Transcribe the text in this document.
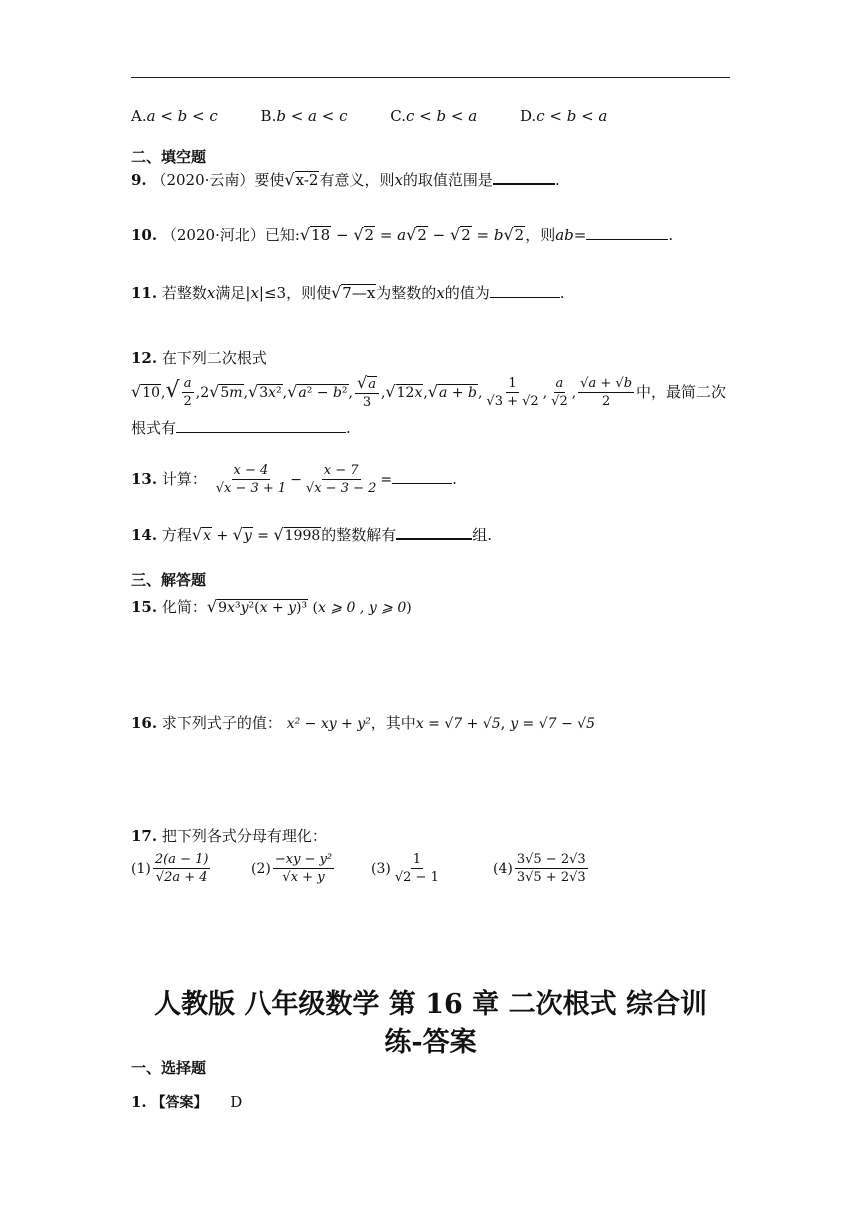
A.a < b < c	B.b < a < c	C.c < b < a	D.c < b < a
二、填空题
9. （2020·云南）要使√x-2有意义，则x的取值范围是	.
10. （2020·河北）已知:√18 − √2 = a√2 − √2 = b√2，则ab=	.
11. 若整数x满足|x|≤3，则使√7—x为整数的x的值为	.
12. 在下列二次根式
$√10,√ \frac{a}{2} ,2√5m,√3x^2,√a^2 - b^2$, $\frac{√a}{3} ,√12x,√a + b$, $\frac{1}{√3 + √2}$ , $\frac{a}{√2}$ , $\frac{√a + √b}{2}$ 中，最简二次
根式有	.
13. 计算： $\frac{x - 4}{√x - 3 + 1} - \frac{x - 7}{√x - 3 - 2}$ =	.
14. 方程√x + √y = √1998的整数解有	组.
三、解答题
15. 化简：√9x³y²(x + y)³ (x ⩾ 0 , y ⩾ 0)
16. 求下列式子的值： x² − xy + y²，其中x = √7 + √5, y = √7 − √5
17. 把下列各式分母有理化：
$(1) \frac{2(a - 1)}{√2a + 4}$	$(2) \frac{\text{−xy − y²}}{√x + y}$	$(3) \frac{1}{√2 - 1}$	$(4) \frac{3√5 - 2√3}{3√5 + 2√3}$
人教版 八年级数学 第 16 章 二次根式 综合训
练-答案
一、选择题
1. 【答案】 D
